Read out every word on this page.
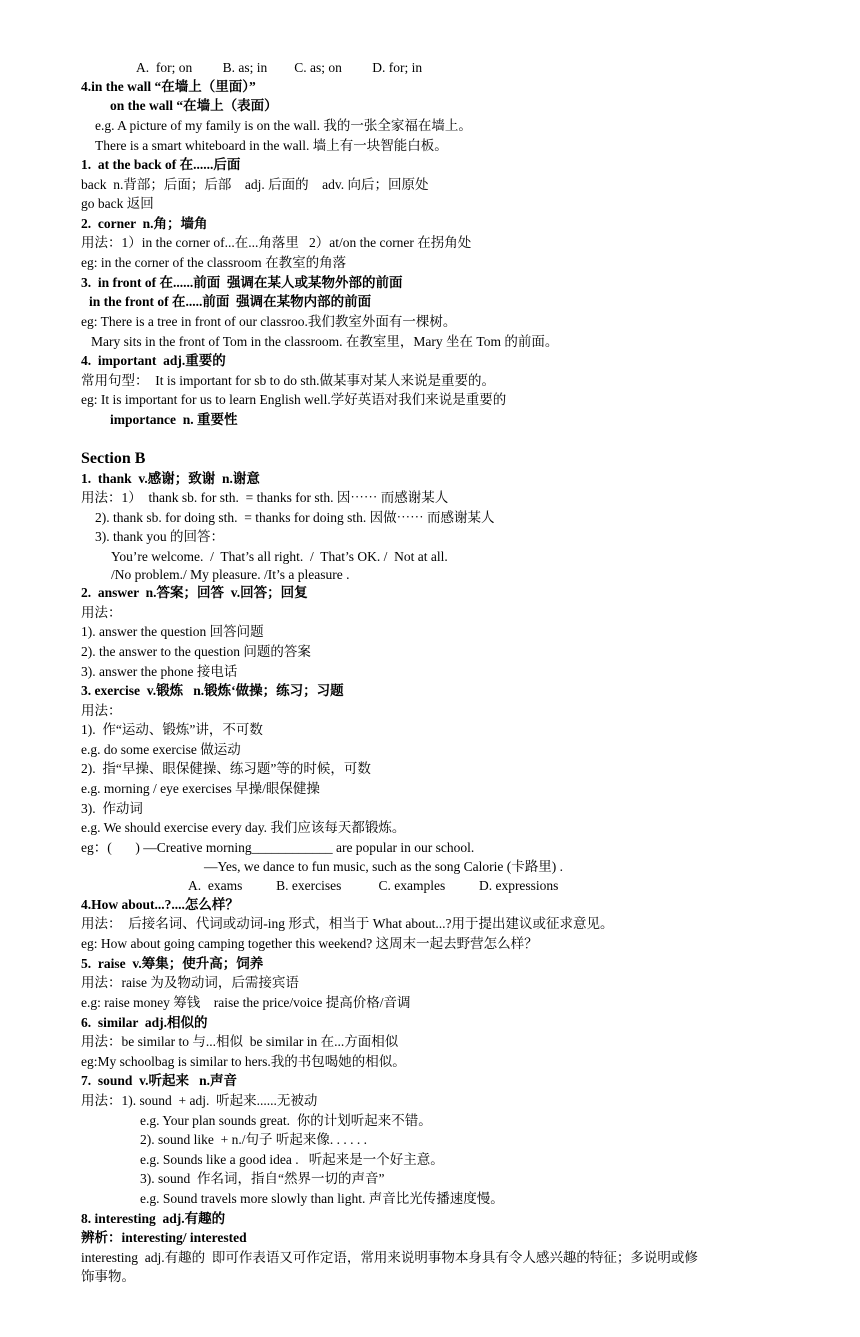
A.  for; on         B. as; in        C. as; on         D. for; in
4.in the wall “在墙上（里面）”
on the wall “在墙上（表面）
e.g. A picture of my family is on the wall. 我的一张全家福在墙上。
There is a smart whiteboard in the wall. 墙上有一块智能白板。
1.  at the back of 在......后面
back  n.背部；后面；后部    adj. 后面的    adv. 向后；回原处
go back 返回
2.  corner  n.角；墙角
用法：1）in the corner of...在...角落里   2）at/on the corner 在拐角处
eg: in the corner of the classroom 在教室的角落
3.  in front of 在......前面  强调在某人或某物外部的前面
in the front of 在.....前面  强调在某物内部的前面
eg: There is a tree in front of our classroo.我们教室外面有一棵树。
Mary sits in the front of Tom in the classroom. 在教室里，Mary 坐在 Tom 的前面。
4.  important  adj.重要的
常用句型：  It is important for sb to do sth.做某事对某人来说是重要的。
eg: It is important for us to learn English well.学好英语对我们来说是重要的
importance  n. 重要性
Section B
1.  thank  v.感谢；致谢  n.谢意
用法：1）  thank sb. for sth.  = thanks for sth. 因⋯⋯ 而感谢某人
2). thank sb. for doing sth.  = thanks for doing sth. 因做⋯⋯ 而感谢某人
3). thank you 的回答：
You’re welcome.  /  That’s all right.  /  That’s OK. /  Not at all.
/No problem./ My pleasure. /It’s a pleasure .
2.  answer  n.答案；回答  v.回答；回复
用法：
1). answer the question 回答问题
2). the answer to the question 问题的答案
3). answer the phone 接电话
3. exercise  v.锻炼   n.锻炼‘做操；练习；习题
用法：
1).  作“运动、锻炼”讲，不可数
e.g. do some exercise 做运动
2).  指“早操、眼保健操、练习题”等的时候，可数
e.g. morning / eye exercises 早操/眼保健操
3).  作动词
e.g. We should exercise every day. 我们应该每天都锻炼。
eg：(       ) —Creative morning____________ are popular in our school.
—Yes, we dance to fun music, such as the song Calorie (卡路里) .
A.  exams          B. exercises           C. examples          D. expressions
4.How about...?....怎么样？
用法：  后接名词、代词或动词-ing 形式，相当于 What about...?用于提出建议或征求意见。
eg: How about going camping together this weekend? 这周末一起去野营怎么样？
5.  raise  v.筹集；使升高；饲养
用法：raise 为及物动词，后需接宾语
e.g: raise money 筹钱    raise the price/voice 提高价格/音调
6.  similar  adj.相似的
用法：be similar to 与...相似  be similar in 在...方面相似
eg:My schoolbag is similar to hers.我的书包喝她的相似。
7.  sound  v.听起来   n.声音
用法：1). sound  + adj.  听起来......无被动
e.g. Your plan sounds great.  你的计划听起来不错。
2). sound like  + n./句子 听起来像. . . . . .
e.g. Sounds like a good idea .   听起来是一个好主意。
3). sound  作名词，指自“然界一切的声音”
e.g. Sound travels more slowly than light. 声音比光传播速度慢。
8. interesting  adj.有趣的
辨析：interesting/ interested
interesting  adj.有趣的  即可作表语又可作定语，常用来说明事物本身具有令人感兴趣的特征；多说明或修
饰事物。
